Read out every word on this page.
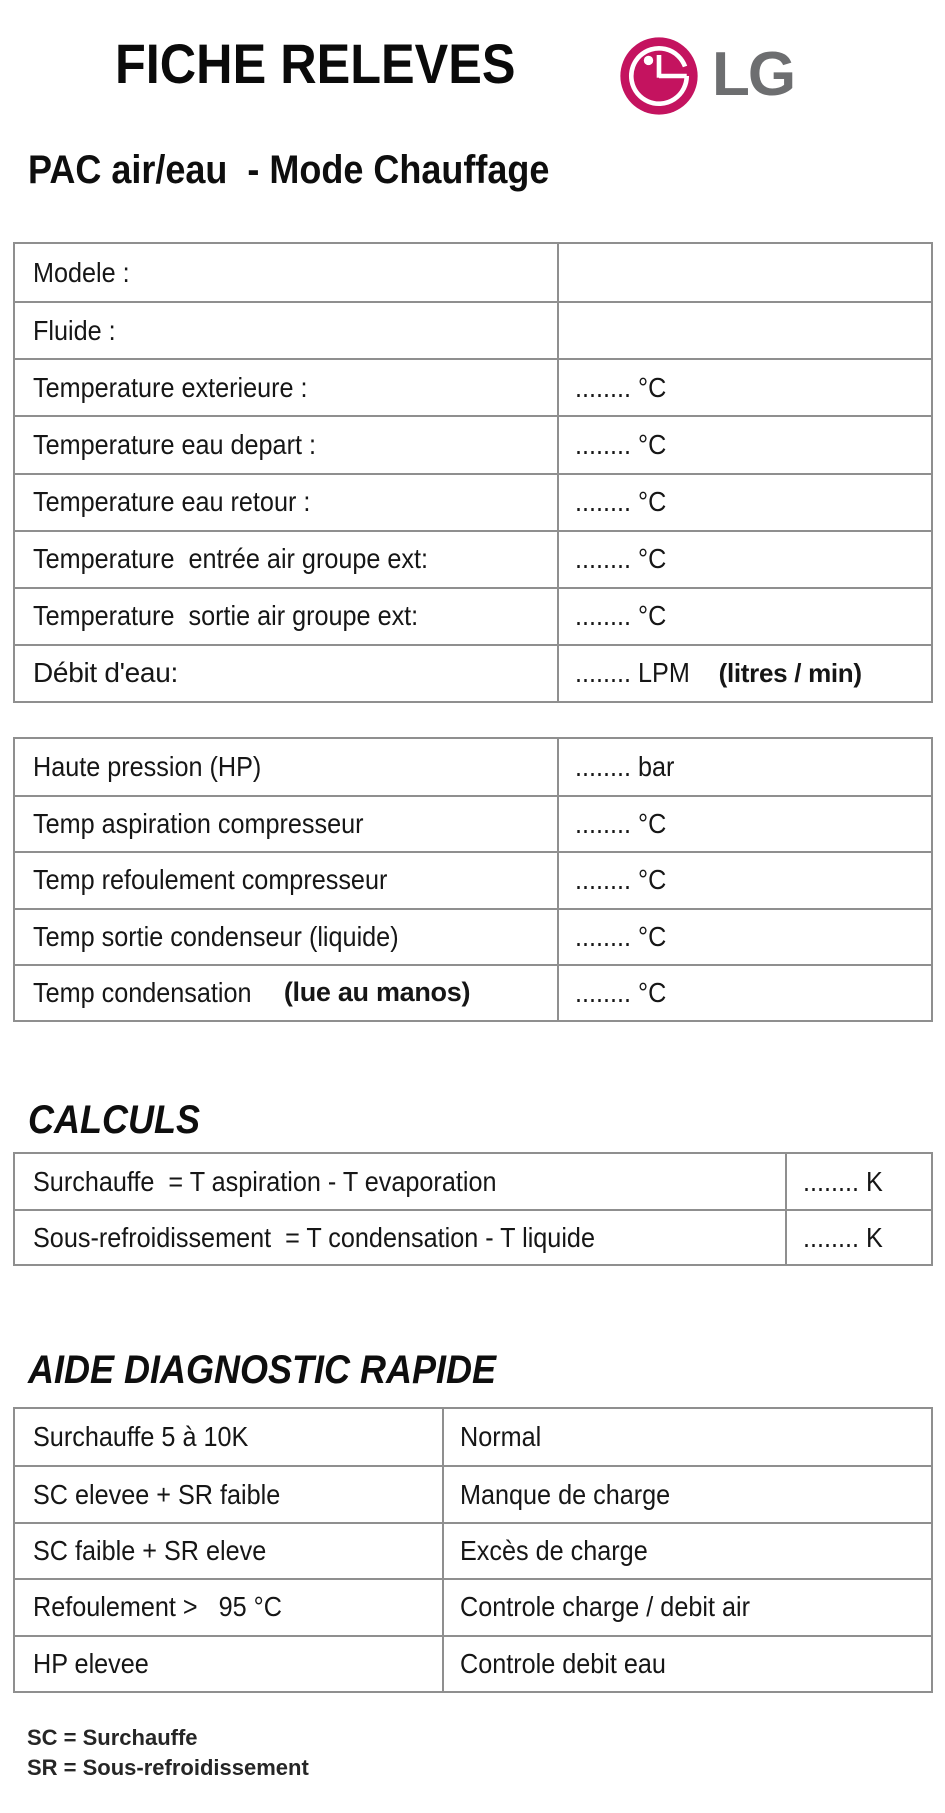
FICHE RELEVES	LG
PAC air/eau  - Mode Chauffage
Modele :
Fluide :
Temperature exterieure :	........ °C
Temperature eau depart :	........ °C
Temperature eau retour :	........ °C
Temperature  entrée air groupe ext:	........ °C
Temperature  sortie air groupe ext:	........ °C
Débit d'eau:	........ LPM (litres / min)
Haute pression (HP)	........ bar
Temp aspiration compresseur	........ °C
Temp refoulement compresseur	........ °C
Temp sortie condenseur (liquide)	........ °C
Temp condensation (lue au manos)	........ °C
CALCULS
Surchauffe  = T aspiration - T evaporation	........ K
Sous-refroidissement  = T condensation - T liquide	........ K
AIDE DIAGNOSTIC RAPIDE
Surchauffe 5 à 10K	Normal
SC elevee + SR faible	Manque de charge
SC faible + SR eleve	Excès de charge
Refoulement >   95 °C	Controle charge / debit air
HP elevee	Controle debit eau
SC = Surchauffe
SR = Sous-refroidissement
